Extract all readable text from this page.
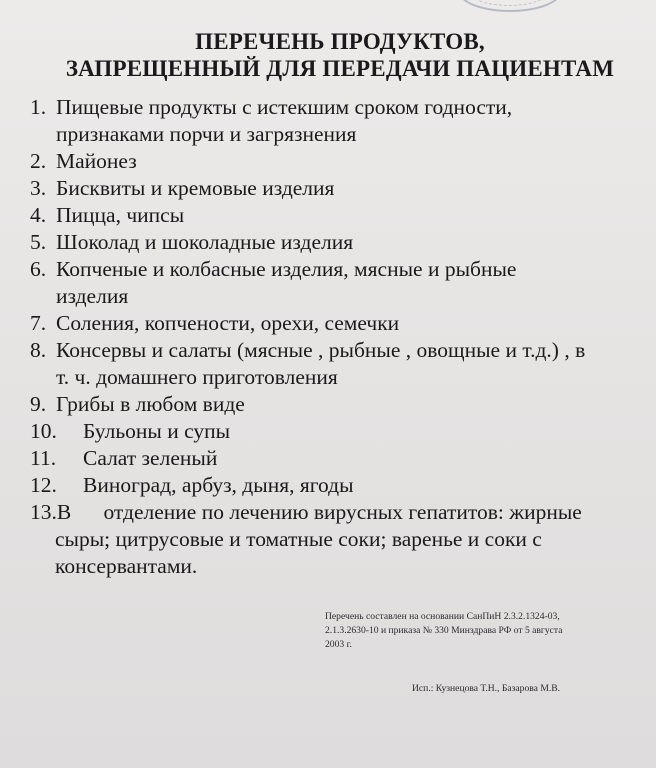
ПЕРЕЧЕНЬ ПРОДУКТОВ,
ЗАПРЕЩЕННЫЙ ДЛЯ ПЕРЕДАЧИ ПАЦИЕНТАМ
1. Пищевые продукты с истекшим сроком годности,
признаками порчи и загрязнения
2. Майонез
3. Бисквиты и кремовые изделия
4. Пицца, чипсы
5. Шоколад и шоколадные изделия
6. Копченые и колбасные изделия, мясные и рыбные
изделия
7. Соления, копчености, орехи, семечки
8. Консервы и салаты (мясные , рыбные , овощные и т.д.) , в
т. ч. домашнего приготовления
9. Грибы в любом виде
10. Бульоны и супы
11. Салат зеленый
12. Виноград, арбуз, дыня, ягоды
13.В      отделение по лечению вирусных гепатитов: жирные
сыры; цитрусовые и томатные соки; варенье и соки с
консервантами.
Перечень составлен на основании СанПиН 2.3.2.1324-03,
2.1.3.2630-10 и приказа № 330 Минздрава РФ от 5 августа
2003 г.
Исп.: Кузнецова Т.Н., Базарова М.В.
